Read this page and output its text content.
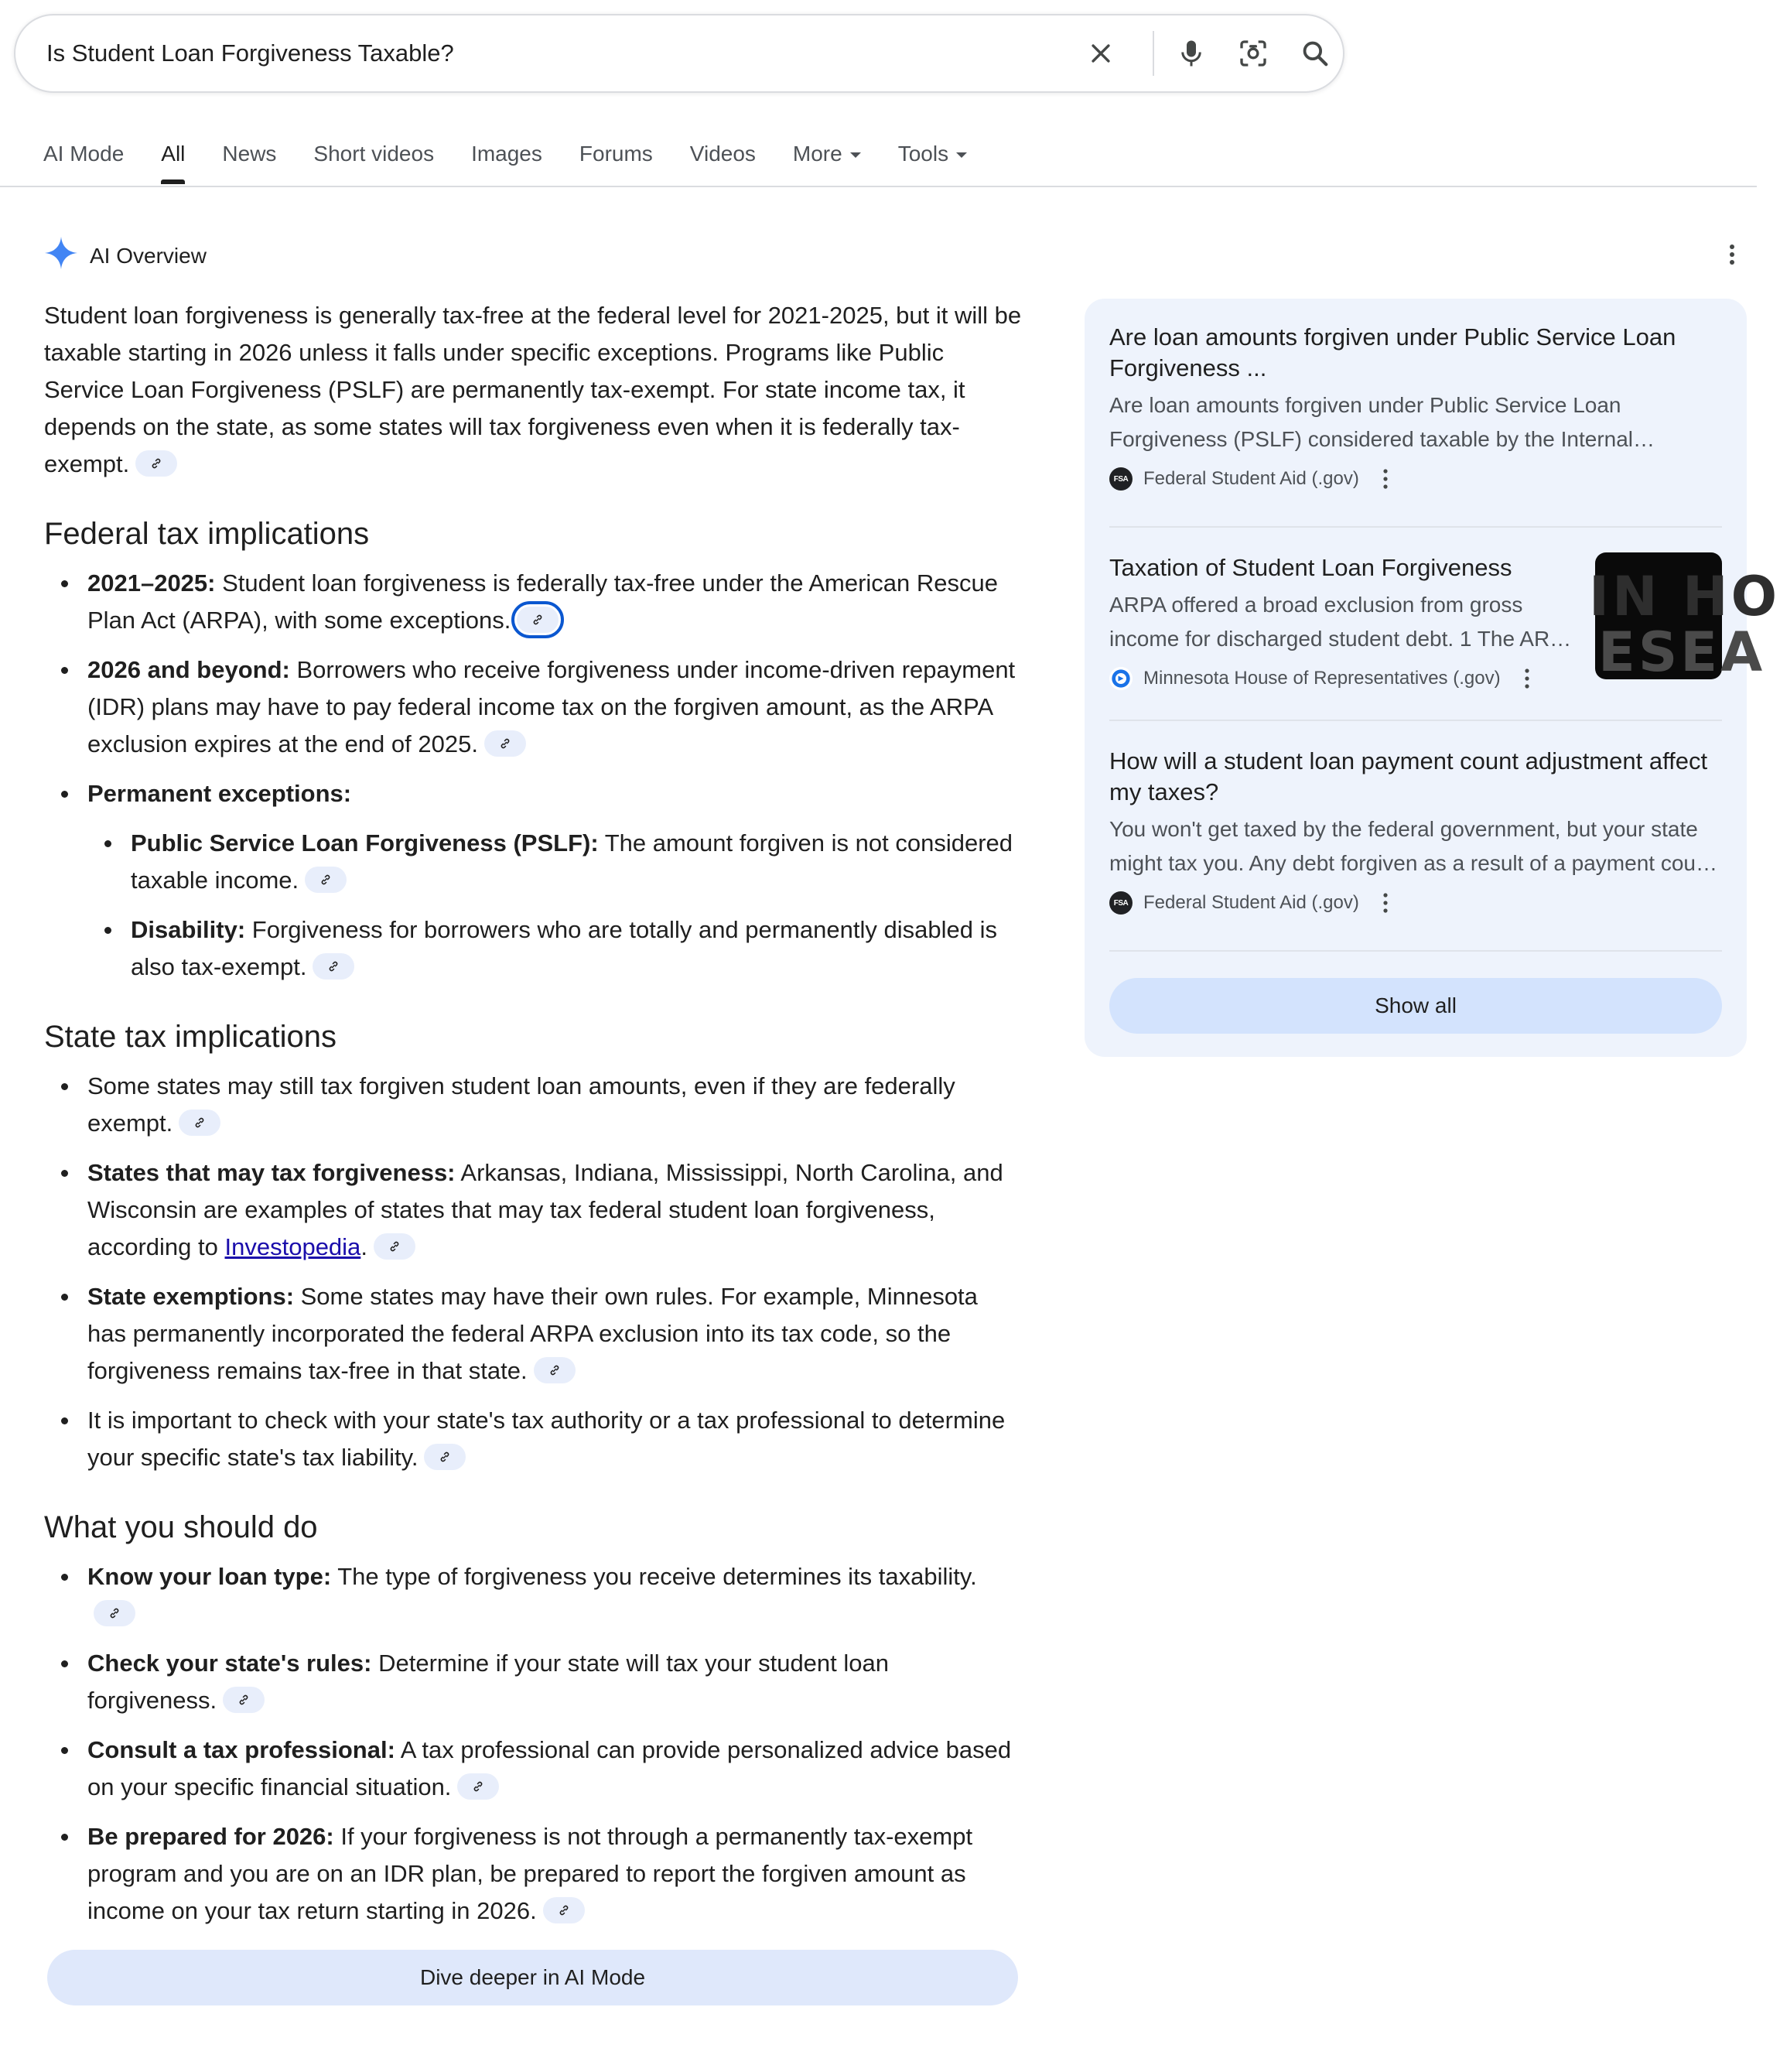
Is Student Loan Forgiveness Taxable?
AI Mode All News Short videos Images Forums Videos More	Tools
AI Overview

Student loan forgiveness is generally tax-free at the federal level for 2021-2025, but it will be taxable starting in 2026 unless it falls under specific exceptions. Programs like Public Service Loan Forgiveness (PSLF) are permanently tax-exempt. For state income tax, it depends on the state, as some states will tax forgiveness even when it is federally tax-exempt.

Federal tax implications
2021–2025: Student loan forgiveness is federally tax-free under the American Rescue Plan Act (ARPA), with some exceptions.
2026 and beyond: Borrowers who receive forgiveness under income-driven repayment (IDR) plans may have to pay federal income tax on the forgiven amount, as the ARPA exclusion expires at the end of 2025.
Permanent exceptions:
Public Service Loan Forgiveness (PSLF): The amount forgiven is not considered taxable income.
Disability: Forgiveness for borrowers who are totally and permanently disabled is also tax-exempt.
State tax implications
Some states may still tax forgiven student loan amounts, even if they are federally exempt.
States that may tax forgiveness: Arkansas, Indiana, Mississippi, North Carolina, and Wisconsin are examples of states that may tax federal student loan forgiveness, according to Investopedia.
State exemptions: Some states may have their own rules. For example, Minnesota has permanently incorporated the federal ARPA exclusion into its tax code, so the forgiveness remains tax-free in that state.
It is important to check with your state's tax authority or a tax professional to determine your specific state's tax liability.
What you should do
Know your loan type: The type of forgiveness you receive determines its taxability.
Check your state's rules: Determine if your state will tax your student loan forgiveness.
Consult a tax professional: A tax professional can provide personalized advice based on your specific financial situation.
Be prepared for 2026: If your forgiveness is not through a permanently tax-exempt program and you are on an IDR plan, be prepared to report the forgiven amount as income on your tax return starting in 2026.
Dive deeper in AI Mode
Are loan amounts forgiven under Public Service Loan Forgiveness ...
Are loan amounts forgiven under Public Service Loan
Forgiveness (PSLF) considered taxable by the Internal…
FSA Federal Student Aid (.gov)
Taxation of Student Loan Forgiveness
ARPA offered a broad exclusion from gross
income for discharged student debt. 1 The AR…
Minnesota House of Representatives (.gov)
IN HO
ESEA
How will a student loan payment count adjustment affect my taxes?
You won't get taxed by the federal government, but your state
might tax you. Any debt forgiven as a result of a payment cou…
FSA Federal Student Aid (.gov)
Show all
